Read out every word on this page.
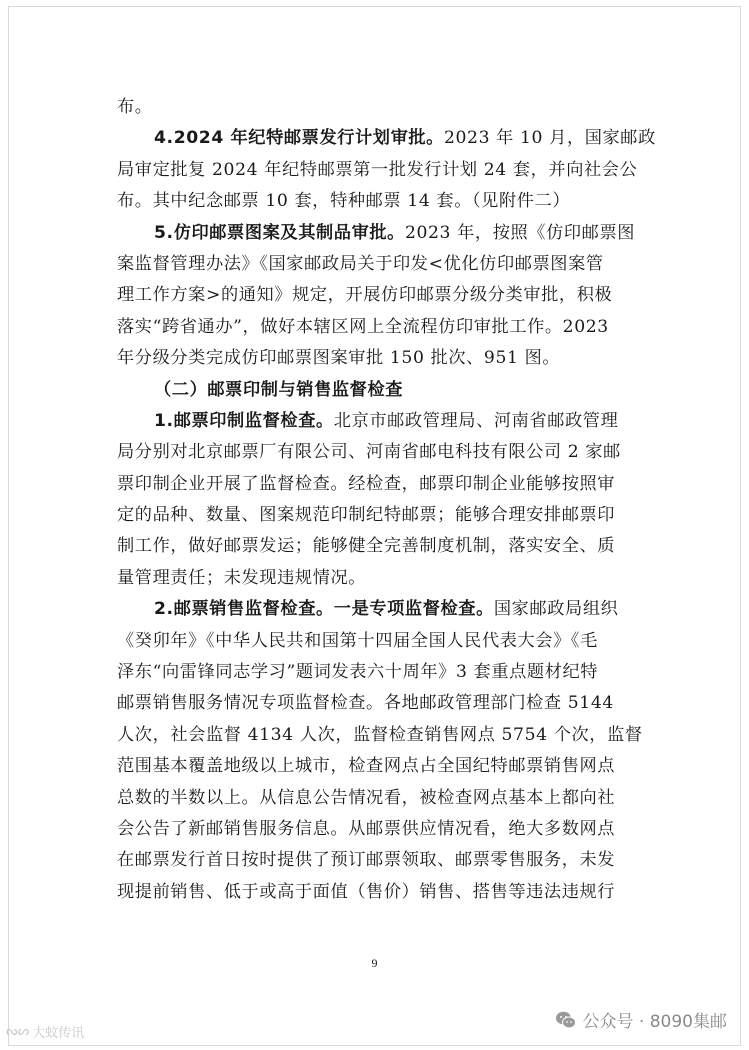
布。
4.2024 年纪特邮票发行计划审批。2023 年 10 月，国家邮政
局审定批复 2024 年纪特邮票第一批发行计划 24 套，并向社会公
布。其中纪念邮票 10 套，特种邮票 14 套。（见附件二）
5.仿印邮票图案及其制品审批。2023 年，按照《仿印邮票图
案监督管理办法》《国家邮政局关于印发<优化仿印邮票图案管
理工作方案>的通知》规定，开展仿印邮票分级分类审批，积极
落实“跨省通办”，做好本辖区网上全流程仿印审批工作。2023
年分级分类完成仿印邮票图案审批 150 批次、951 图。
（二）邮票印制与销售监督检查
1.邮票印制监督检查。北京市邮政管理局、河南省邮政管理
局分别对北京邮票厂有限公司、河南省邮电科技有限公司 2 家邮
票印制企业开展了监督检查。经检查，邮票印制企业能够按照审
定的品种、数量、图案规范印制纪特邮票；能够合理安排邮票印
制工作，做好邮票发运；能够健全完善制度机制，落实安全、质
量管理责任；未发现违规情况。
2.邮票销售监督检查。一是专项监督检查。国家邮政局组织
《癸卯年》《中华人民共和国第十四届全国人民代表大会》《毛
泽东“向雷锋同志学习”题词发表六十周年》3 套重点题材纪特
邮票销售服务情况专项监督检查。各地邮政管理部门检查 5144
人次，社会监督 4134 人次，监督检查销售网点 5754 个次，监督
范围基本覆盖地级以上城市，检查网点占全国纪特邮票销售网点
总数的半数以上。从信息公告情况看，被检查网点基本上都向社
会公告了新邮销售服务信息。从邮票供应情况看，绝大多数网点
在邮票发行首日按时提供了预订邮票领取、邮票零售服务，未发
现提前销售、低于或高于面值（售价）销售、搭售等违法违规行
9
ᔓᔕ 大蚊传讯
公众号 · 8090集邮
